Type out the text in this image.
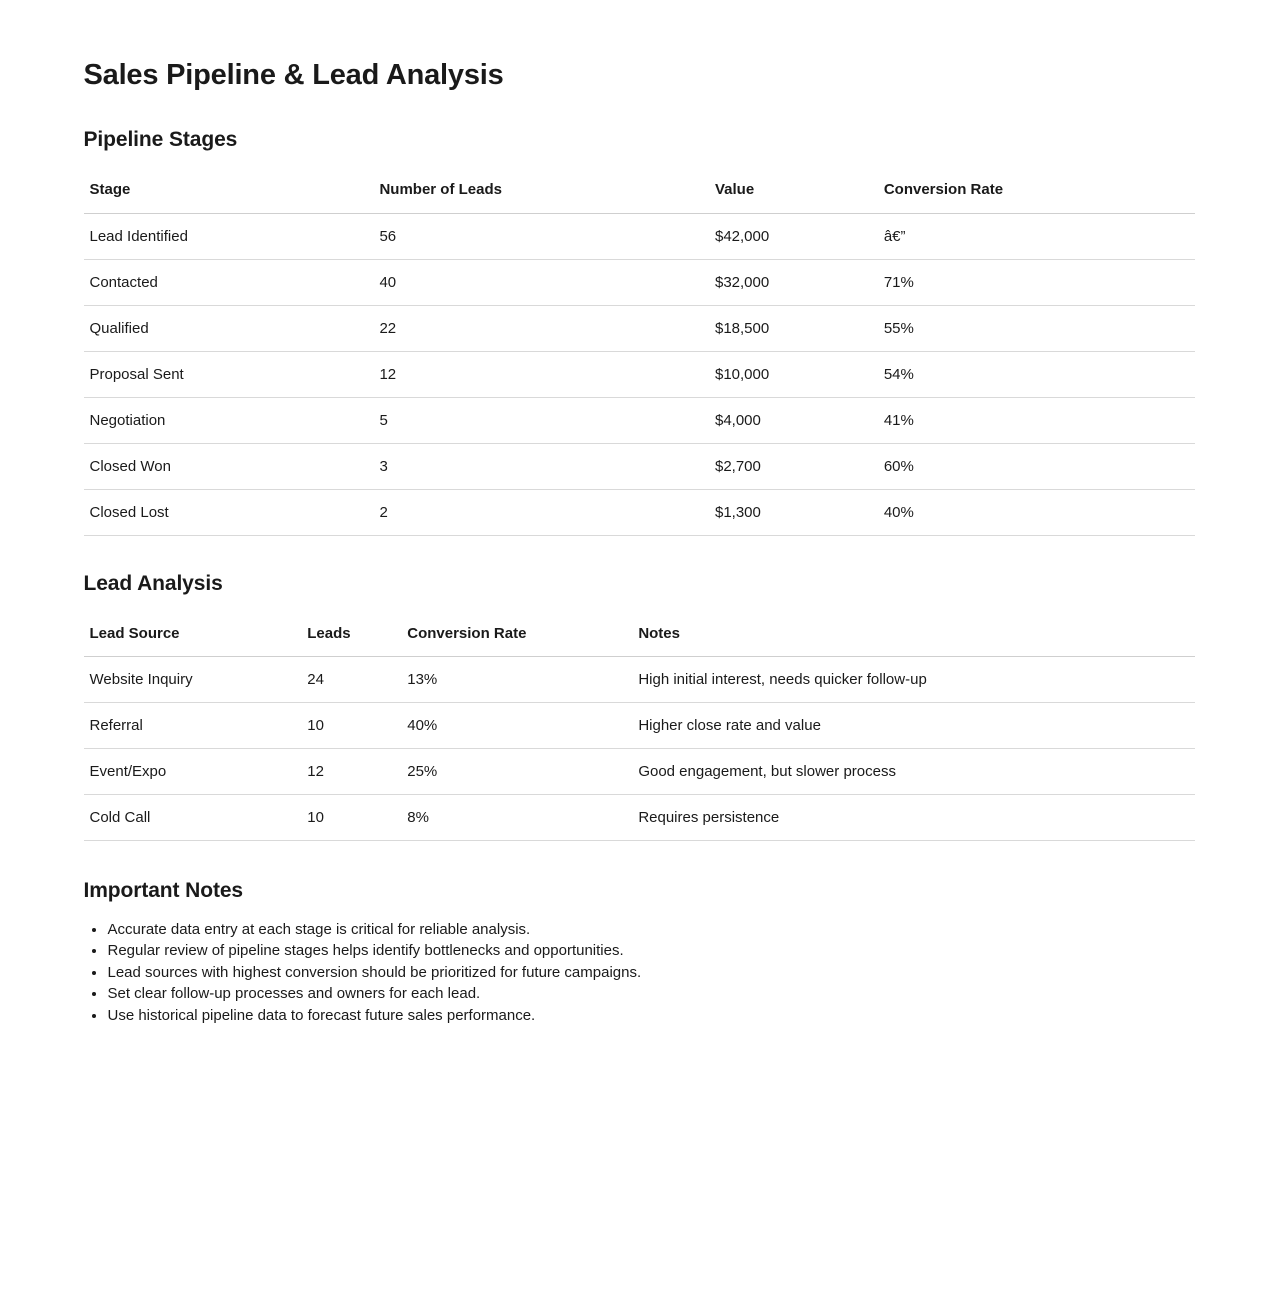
Sales Pipeline & Lead Analysis
Pipeline Stages
Stage	Number of Leads	Value	Conversion Rate
Lead Identified	56	$42,000	â€”
Contacted	40	$32,000	71%
Qualified	22	$18,500	55%
Proposal Sent	12	$10,000	54%
Negotiation	5	$4,000	41%
Closed Won	3	$2,700	60%
Closed Lost	2	$1,300	40%
Lead Analysis
Lead Source	Leads	Conversion Rate	Notes
Website Inquiry	24	13%	High initial interest, needs quicker follow-up
Referral	10	40%	Higher close rate and value
Event/Expo	12	25%	Good engagement, but slower process
Cold Call	10	8%	Requires persistence
Important Notes
• Accurate data entry at each stage is critical for reliable analysis.
• Regular review of pipeline stages helps identify bottlenecks and opportunities.
• Lead sources with highest conversion should be prioritized for future campaigns.
• Set clear follow-up processes and owners for each lead.
• Use historical pipeline data to forecast future sales performance.
